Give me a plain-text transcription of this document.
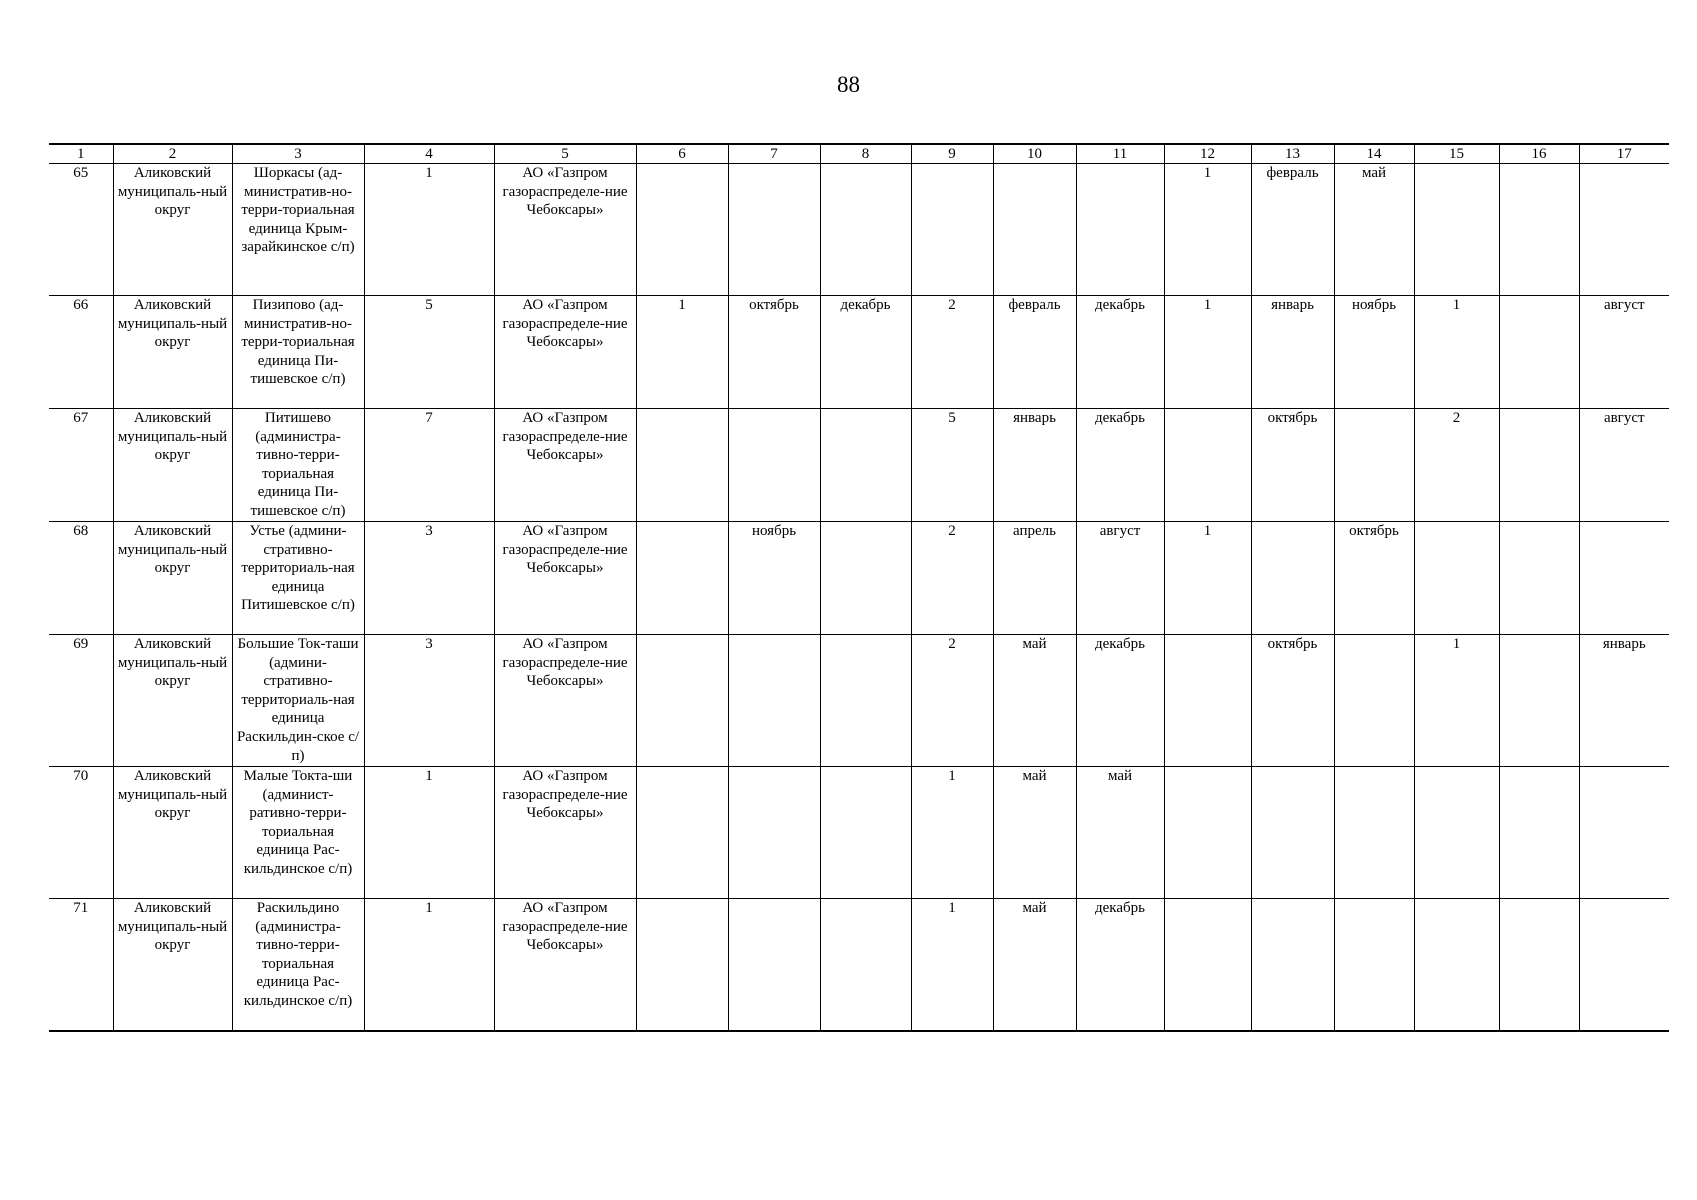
88
1	2	3	4	5	6	7	8	9	10	11	12	13	14	15	16	17
65	Аликовский муниципаль-ный округ	Шоркасы (ад-министратив-но-терри-ториальная единица Крым-зарайкинское с/п)	1	АО «Газпром газораспределе-ние Чебоксары»							1	февраль	май			
66	Аликовский муниципаль-ный округ	Пизипово (ад-министратив-но-терри-ториальная единица Пи-тишевское с/п)	5	АО «Газпром газораспределе-ние Чебоксары»	1	октябрь	декабрь	2	февраль	декабрь	1	январь	ноябрь	1		август
67	Аликовский муниципаль-ный округ	Питишево (администра-тивно-терри-ториальная единица Пи-тишевское с/п)	7	АО «Газпром газораспределе-ние Чебоксары»				5	январь	декабрь		октябрь		2		август
68	Аликовский муниципаль-ный округ	Устье (админи-стративно-территориаль-ная единица Питишевское с/п)	3	АО «Газпром газораспределе-ние Чебоксары»		ноябрь		2	апрель	август	1		октябрь			
69	Аликовский муниципаль-ный округ	Большие Ток-таши (админи-стративно-территориаль-ная единица Раскильдин-ское с/п)	3	АО «Газпром газораспределе-ние Чебоксары»				2	май	декабрь		октябрь		1		январь
70	Аликовский муниципаль-ный округ	Малые Токта-ши (админист-ративно-терри-ториальная единица Рас-кильдинское с/п)	1	АО «Газпром газораспределе-ние Чебоксары»				1	май	май						
71	Аликовский муниципаль-ный округ	Раскильдино (администра-тивно-терри-ториальная единица Рас-кильдинское с/п)	1	АО «Газпром газораспределе-ние Чебоксары»				1	май	декабрь						
